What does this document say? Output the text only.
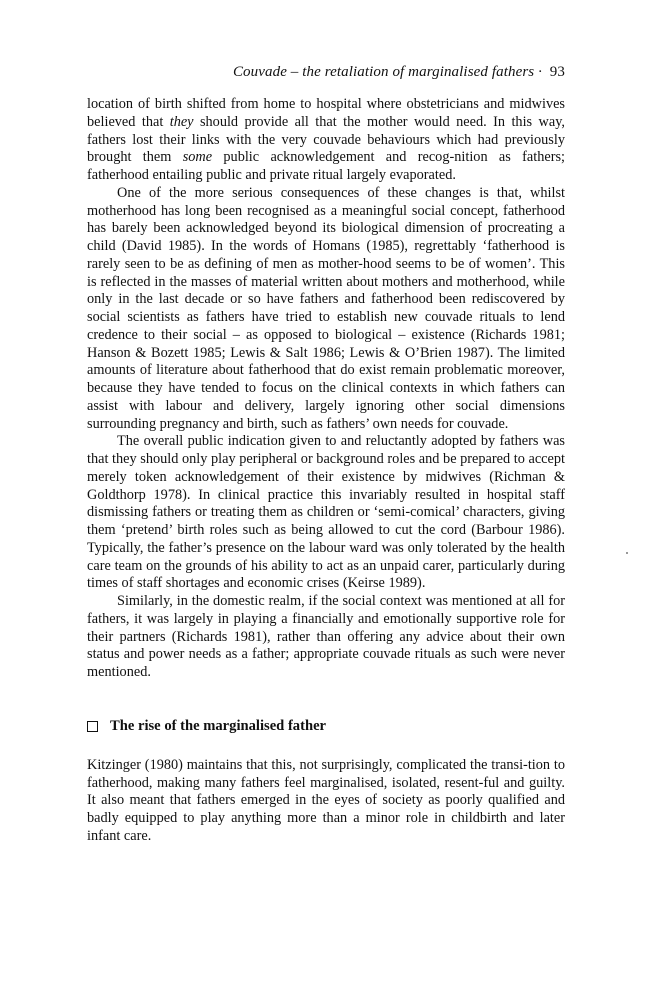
Couvade – the retaliation of marginalised fathers · 93

location of birth shifted from home to hospital where obstetricians and midwives believed that they should provide all that the mother would need. In this way, fathers lost their links with the very couvade behaviours which had previously brought them some public acknowledgement and recog-nition as fathers; fatherhood entailing public and private ritual largely evaporated.

One of the more serious consequences of these changes is that, whilst motherhood has long been recognised as a meaningful social concept, fatherhood has barely been acknowledged beyond its biological dimension of procreating a child (David 1985). In the words of Homans (1985), regrettably ‘fatherhood is rarely seen to be as defining of men as mother-hood seems to be of women’. This is reflected in the masses of material written about mothers and motherhood, while only in the last decade or so have fathers and fatherhood been rediscovered by social scientists as fathers have tried to establish new couvade rituals to lend credence to their social – as opposed to biological – existence (Richards 1981; Hanson & Bozett 1985; Lewis & Salt 1986; Lewis & O’Brien 1987). The limited amounts of literature about fatherhood that do exist remain problematic moreover, because they have tended to focus on the clinical contexts in which fathers can assist with labour and delivery, largely ignoring other social dimensions surrounding pregnancy and birth, such as fathers’ own needs for couvade.

The overall public indication given to and reluctantly adopted by fathers was that they should only play peripheral or background roles and be prepared to accept merely token acknowledgement of their existence by midwives (Richman & Goldthorp 1978). In clinical practice this invariably resulted in hospital staff dismissing fathers or treating them as children or ‘semi-comical’ characters, giving them ‘pretend’ birth roles such as being allowed to cut the cord (Barbour 1986). Typically, the father’s presence on the labour ward was only tolerated by the health care team on the grounds of his ability to act as an unpaid carer, particularly during times of staff shortages and economic crises (Keirse 1989).

Similarly, in the domestic realm, if the social context was mentioned at all for fathers, it was largely in playing a financially and emotionally supportive role for their partners (Richards 1981), rather than offering any advice about their own status and power needs as a father; appropriate couvade rituals as such were never mentioned.

The rise of the marginalised father

Kitzinger (1980) maintains that this, not surprisingly, complicated the transi-tion to fatherhood, making many fathers feel marginalised, isolated, resent-ful and guilty. It also meant that fathers emerged in the eyes of society as poorly qualified and badly equipped to play anything more than a minor role in childbirth and later infant care.
